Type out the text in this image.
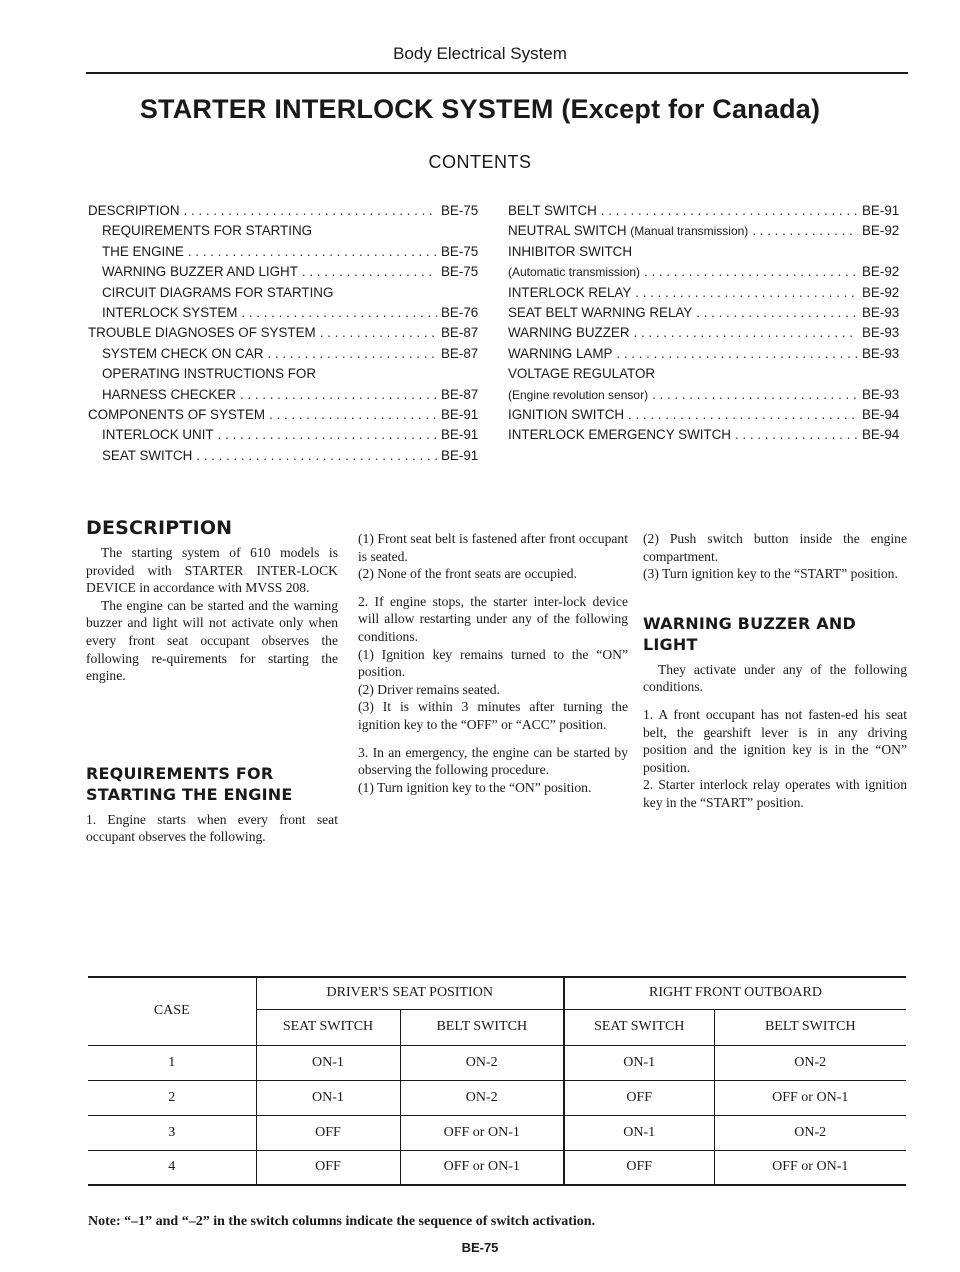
Body Electrical System
STARTER INTERLOCK SYSTEM (Except for Canada)
CONTENTS
DESCRIPTION . . .	BE-75
REQUIREMENTS FOR STARTING
THE ENGINE . . .	BE-75
WARNING BUZZER AND LIGHT . . .	BE-75
CIRCUIT DIAGRAMS FOR STARTING
INTERLOCK SYSTEM . . .	BE-76
TROUBLE DIAGNOSES OF SYSTEM . . .	BE-87
SYSTEM CHECK ON CAR . . .	BE-87
OPERATING INSTRUCTIONS FOR
HARNESS CHECKER . . .	BE-87
COMPONENTS OF SYSTEM . . .	BE-91
INTERLOCK UNIT . . .	BE-91
SEAT SWITCH . . .	BE-91
BELT SWITCH . . .	BE-91
NEUTRAL SWITCH (Manual transmission) . . .	BE-92
INHIBITOR SWITCH
(Automatic transmission) . . .	BE-92
INTERLOCK RELAY . . .	BE-92
SEAT BELT WARNING RELAY . . .	BE-93
WARNING BUZZER . . .	BE-93
WARNING LAMP . . .	BE-93
VOLTAGE REGULATOR
(Engine revolution sensor) . . .	BE-93
IGNITION SWITCH . . .	BE-94
INTERLOCK EMERGENCY SWITCH . . .	BE-94
DESCRIPTION

The starting system of 610 models is provided with STARTER INTER-LOCK DEVICE in accordance with MVSS 208.

The engine can be started and the warning buzzer and light will not activate only when every front seat occupant observes the following re-quirements for starting the engine.

REQUIREMENTS FOR STARTING THE ENGINE

1. Engine starts when every front seat occupant observes the following.

(1) Front seat belt is fastened after front occupant is seated.

(2) None of the front seats are occupied.

2. If engine stops, the starter inter-lock device will allow restarting under any of the following conditions.

(1) Ignition key remains turned to the “ON” position.

(2) Driver remains seated.

(3) It is within 3 minutes after turning the ignition key to the “OFF” or “ACC” position.

3. In an emergency, the engine can be started by observing the following procedure.

(1) Turn ignition key to the “ON” position.

(2) Push switch button inside the engine compartment.

(3) Turn ignition key to the “START” position.

WARNING BUZZER AND LIGHT

They activate under any of the following conditions.

1. A front occupant has not fasten-ed his seat belt, the gearshift lever is in any driving position and the ignition key is in the “ON” position.

2. Starter interlock relay operates with ignition key in the “START” position.

CASE	DRIVER'S SEAT POSITION		RIGHT FRONT OUTBOARD	
	SEAT SWITCH	BELT SWITCH	SEAT SWITCH	BELT SWITCH
1	ON-1	ON-2	ON-1	ON-2
2	ON-1	ON-2	OFF	OFF or ON-1
3	OFF	OFF or ON-1	ON-1	ON-2
4	OFF	OFF or ON-1	OFF	OFF or ON-1
Note: “–1” and “–2” in the switch columns indicate the sequence of switch activation.
BE-75
